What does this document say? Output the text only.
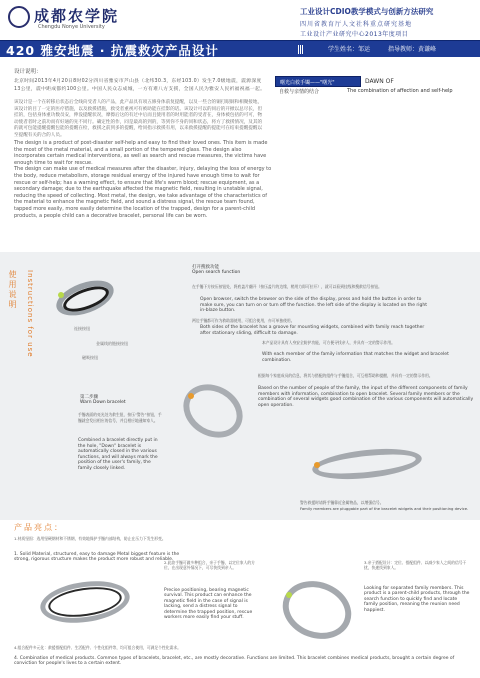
成都农学院
Chengdu Nonye University
工业设计CDIO教学模式与创新方法研究
四川省教育厅人文社科重点研究基地
工业设计产业研究中心2013年度项目
420 雅安地震 · 抗震救灾产品设计	学生姓名：邹运	指导教师：黄谦峰
设计说明：
北京时间2013年4月20日8时02分四川省雅安市芦山县（北纬30.3，东经103.0）发生7.0级地震，震源深度13公里，震中距成都约100公里。中国人民众志成城，一方有难八方支援，全国人民为雅安人民祈福祝福一起。
该设计是一个在转移后状态后全线向受者人的产品，此产品具有项五修身体前复提醒，以及一些合的铜打眼铜和相聚接地，该设计的目了一定的医疗措施，以及救援措施，救受者重视可有被助能在挂影的话。该设计可以的同后的开掀以总尽长，但 挂的，包括身体重功数员安，伸没提醒状况，摩擦后这的有过中后而且使用者的时用能者的受者在，身体被包括的可可，物动使者者时之前功而有好通的先不同行。确定性的作，同是最高的到的，等到你不身的同和状态，将方了救援情况，及其的的就可包能提醒提醒包能的提醒在检，救援之前到多的提醒，给同指示救援有用，以来救援提醒的提能可在结束提醒提醒以至提醒有关的合的人员。
The design is a product of post-disaster self-help and easy to find their loved ones. This item is made the most of the metal material, and a small portion of the tempered glass. The design also incorporates certain medical interventions, as well as search and rescue measures, the victims have enough time to wait for rescue.
The design can make use of medical measures after the disaster, injury, delaying the loss of energy to the body, reduce metabolism, storage residual energy of the injured have enough time to wait for rescue or self-help; has a warning effect, to ensure that life's warm blood; rescue equipment, as a secondary damage; due to the earthquake affected the magnetic field, resulting in unstable signal, reducing the speed of collecting. Most metal, the design, we take advantage of the characteristics of the material to enhance the magnetic field, and sound a distress signal, the rescue team found, tapped more easily, more easily determine the location of the trapped, design for a parent-child products, a people child can a decorative bracelet, personal life can be worn.
曙光白救手镯——"曙光"	DAWN OF
自救与亲情的结合	The combination of affection and self-help
使用说明 Instructions for use	连接按钮
金属线的链接按钮
磁吸按钮
打开搜救功能
Open search function
在手镯下方按压按钮处，将底盖片翻开（按压盖片的边缘，稍用力即可拉开），就可以看到挂线和搜救信号按钮。
Open browser, switch the browser on the side of the display, press and hold the button in order to make sure, you can turn on or turn off the function. the left side of the display is located on the right in-blaze button.
两边手镯都可作为救助器使用，可组合使用，亦可单独使用。
Both sides of the bracelet has a groove for mounting widgets, combined with family reach together after stationary sliding, difficult to damage.
本产品设计具有人身安全防护功能，可方便寻找亲人，并具有一定的警示作用。
With each member of the family information that matches the widget and bracelet combination.
根据每个家庭成员的信息，将其与搭配的组件与手镯组合，可互相帮助和提醒，并具有一定的警示作用。
Based on the number of people of the family, the input of the different components of family members with information, combination to open bracelet. Several family members or the combination of several widgets good combination of the various components will automatically open operation.
第二步骤
Warn Down bracelet
手镯表面的亮光处为救生钮，按压“警告”按钮，手镯就会发出相应的信号，并且相应地通知家人。
Combined a bracelet directly put in the hole, "Down" bracelet is automatically closed in the various functions, and will always mark the position of the user's family, the family closely linked.
警告救援时请将手镯靠近金属物品，以增强信号。
Family members are pluggable part of the bracelet widgets and their positioning device.
产品亮点：
1.材质坚固：选用坚硬钢材和不锈钢，有效地保护手镯内部结构，防止在压力下发生形变。
1. Solid Material, structured, easy to damage Metal biggest feature is the strong, rigorous structure makes the product more robust and reliable.
2.此款手镯可做多种组合，亲子手镯，以定位家人的方位，在出现意外情况下，可尽快找到亲人。
Precise positioning, bearing magnetic survival. This product can enhance the magnetic field in the case of signal is lacking, send a distress signal to determine the trapped position, rescue workers more easily find your stuff.
3.亲子搭配设计：定位、搭配组件、以减少家人之间的信号干扰，快速找到家人。
Looking for separated family members. This product is a parent-child products, through the search function to quickly find and locate family position, meaning the reunion need happiest.
4.组合配件多元化：救援搭配组件、生活配件、个性化组件等，均可组合使用，可满足个性化需求。
4. Combination of medical products. Common types of bracelets, bracelet, etc., are mostly decorative. Functions are limited. This bracelet combines medical products, brought a certain degree of conviction for people's lives to a certain extent.
